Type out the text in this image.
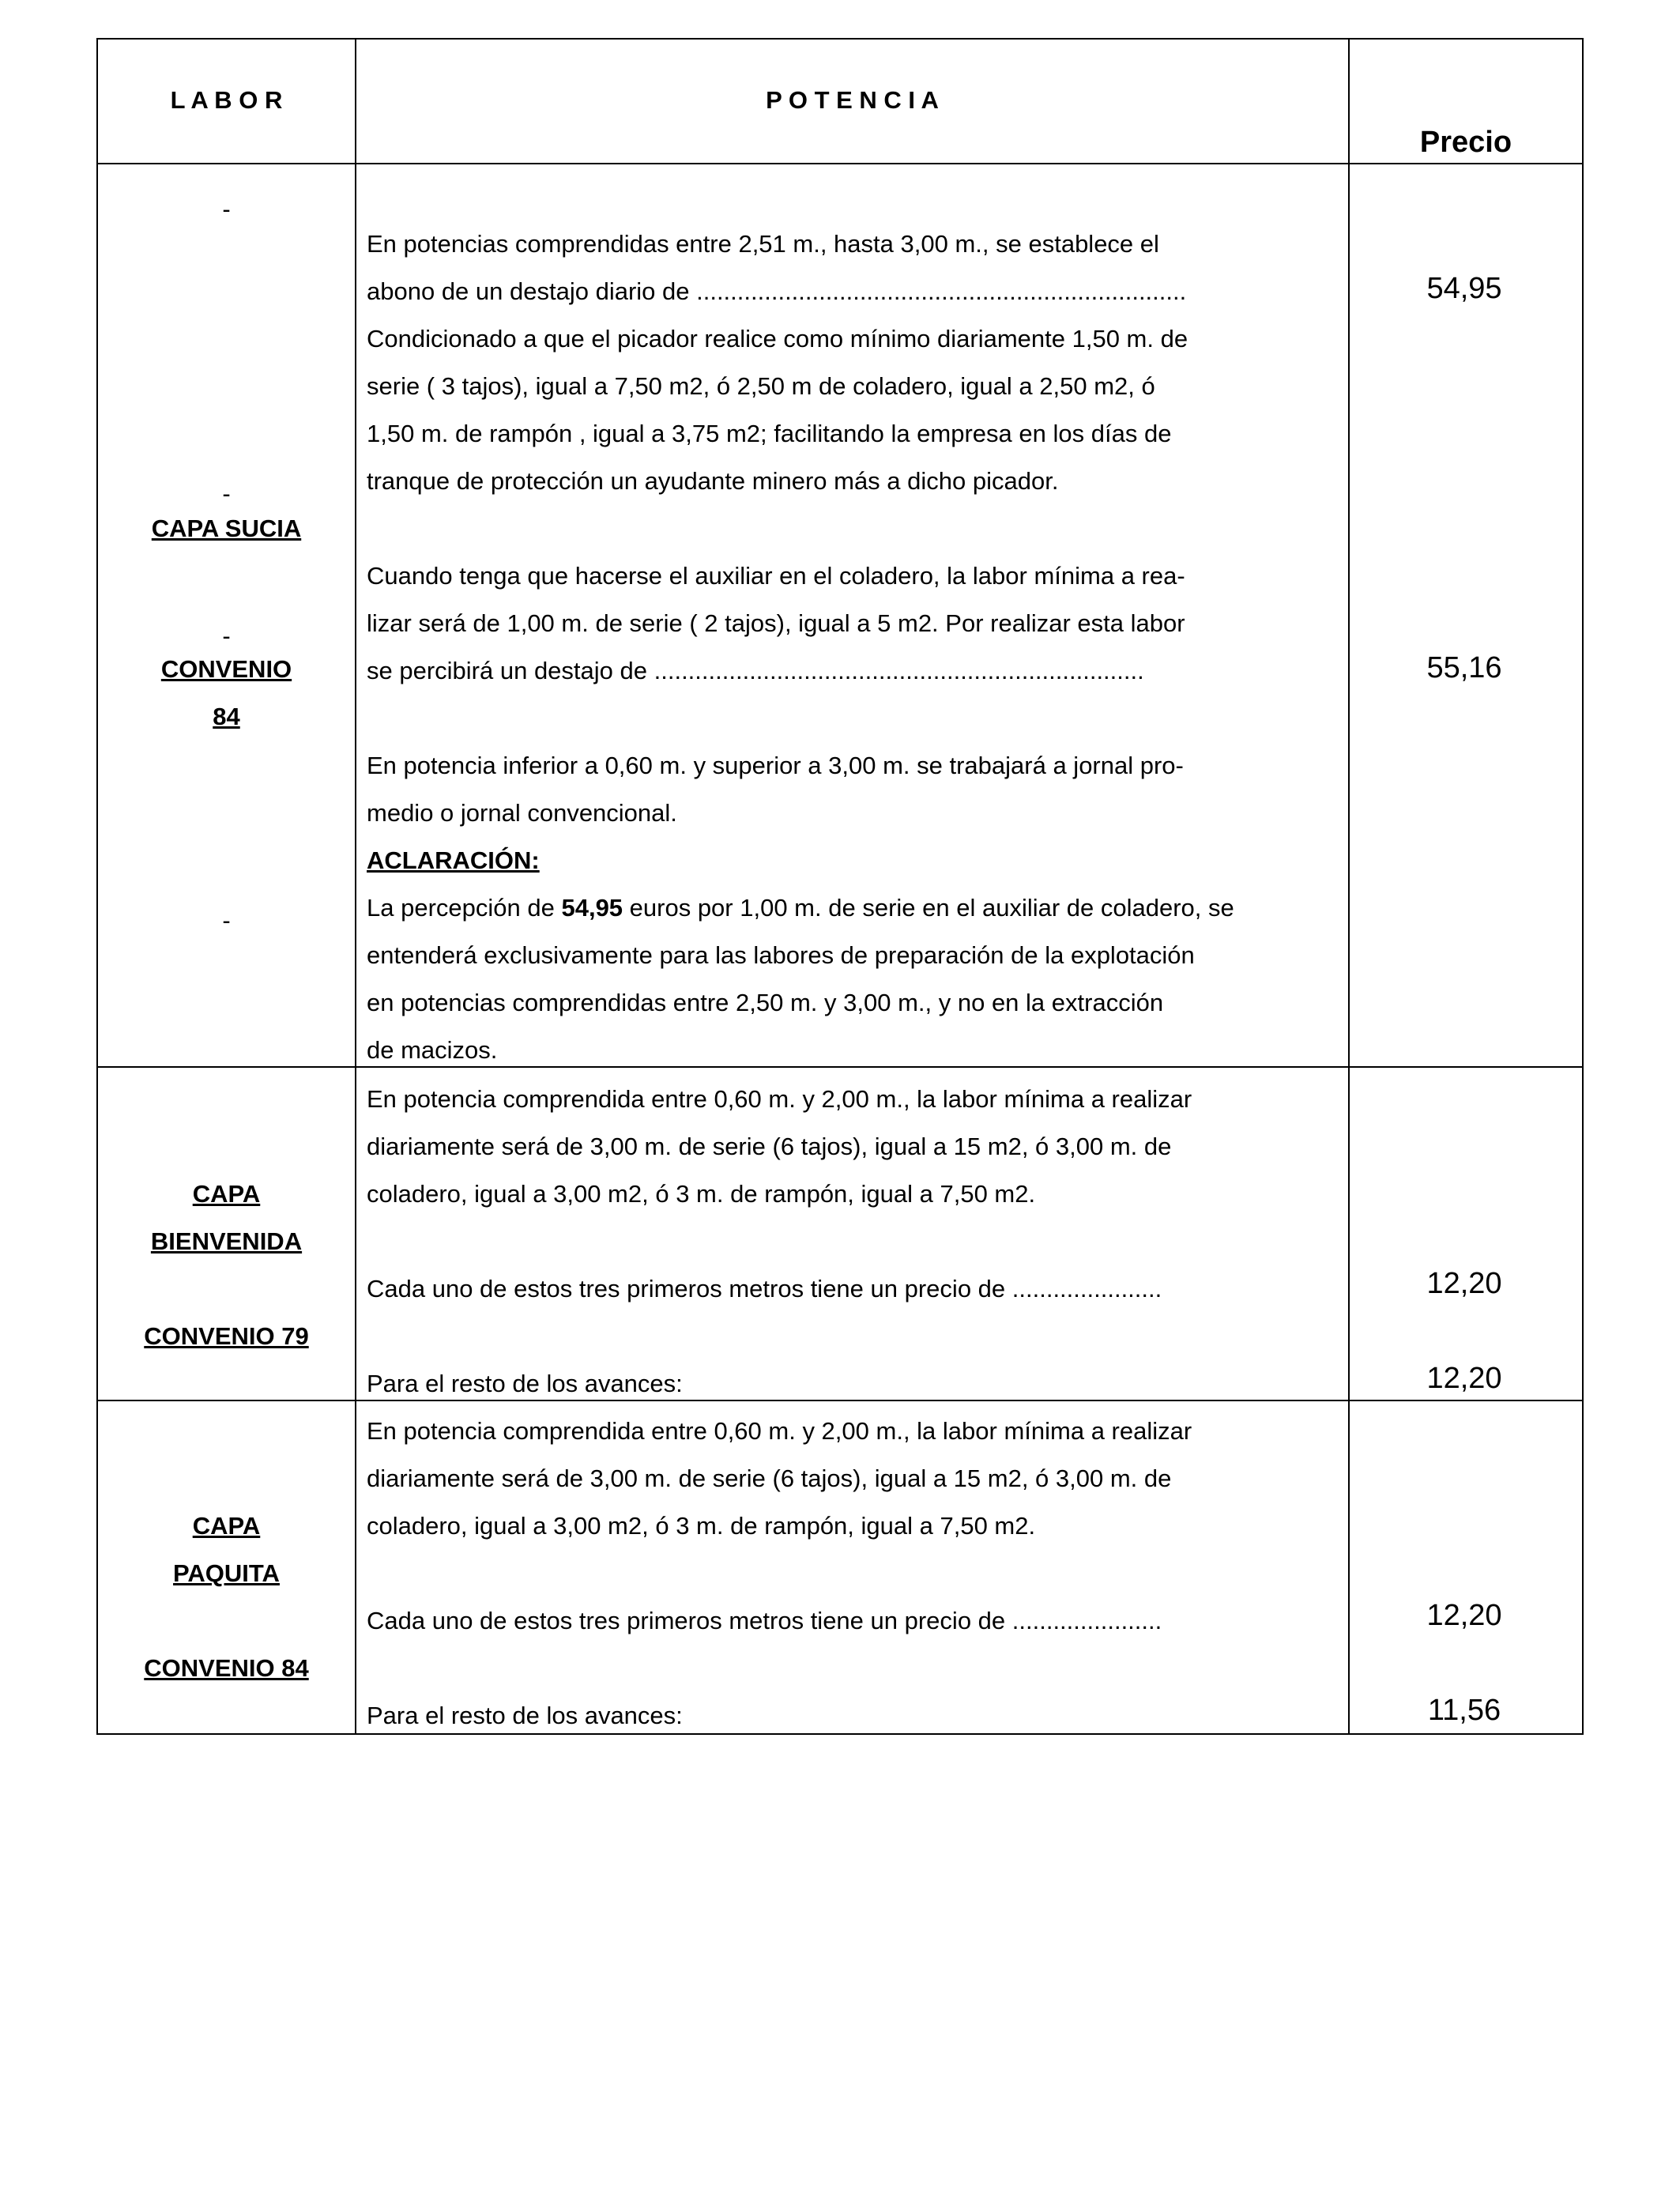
L A B O R	P O T E N C I A
Precio
-
-
CAPA SUCIA
-
CONVENIO
84
-
En potencias comprendidas entre 2,51 m., hasta 3,00 m., se establece el
abono de un destajo diario de ........................................................................
Condicionado a que el picador realice como mínimo diariamente 1,50 m. de
serie ( 3 tajos), igual a 7,50 m2, ó 2,50 m de coladero, igual a 2,50 m2, ó
1,50 m. de rampón , igual a 3,75 m2; facilitando la empresa en los días de
tranque de protección un ayudante minero más a dicho picador.
Cuando tenga que hacerse el auxiliar en el coladero, la labor mínima a rea-
lizar será de 1,00 m. de serie ( 2 tajos), igual a 5 m2. Por realizar esta labor
se percibirá un destajo de ........................................................................
En potencia inferior a 0,60 m. y superior a 3,00 m. se trabajará a jornal pro-
medio o jornal convencional.
ACLARACIÓN:
La percepción de 54,95 euros por 1,00 m. de serie en el auxiliar de coladero, se
entenderá exclusivamente para las labores de preparación de la explotación
en potencias comprendidas entre 2,50 m. y 3,00 m., y no en la extracción
de macizos.
54,95
55,16
CAPA
BIENVENIDA
CONVENIO 79
En potencia comprendida entre 0,60 m. y 2,00 m., la labor mínima a realizar
diariamente será de 3,00 m. de serie (6 tajos), igual a 15 m2, ó 3,00 m. de
coladero, igual a 3,00 m2, ó 3 m. de rampón, igual a 7,50 m2.
Cada uno de estos tres primeros metros tiene un precio de ......................
Para el resto de los avances:
12,20
12,20
CAPA
PAQUITA
CONVENIO 84
En potencia comprendida entre 0,60 m. y 2,00 m., la labor mínima a realizar
diariamente será de 3,00 m. de serie (6 tajos), igual a 15 m2, ó 3,00 m. de
coladero, igual a 3,00 m2, ó 3 m. de rampón, igual a 7,50 m2.
Cada uno de estos tres primeros metros tiene un precio de ......................
Para el resto de los avances:
12,20
11,56
